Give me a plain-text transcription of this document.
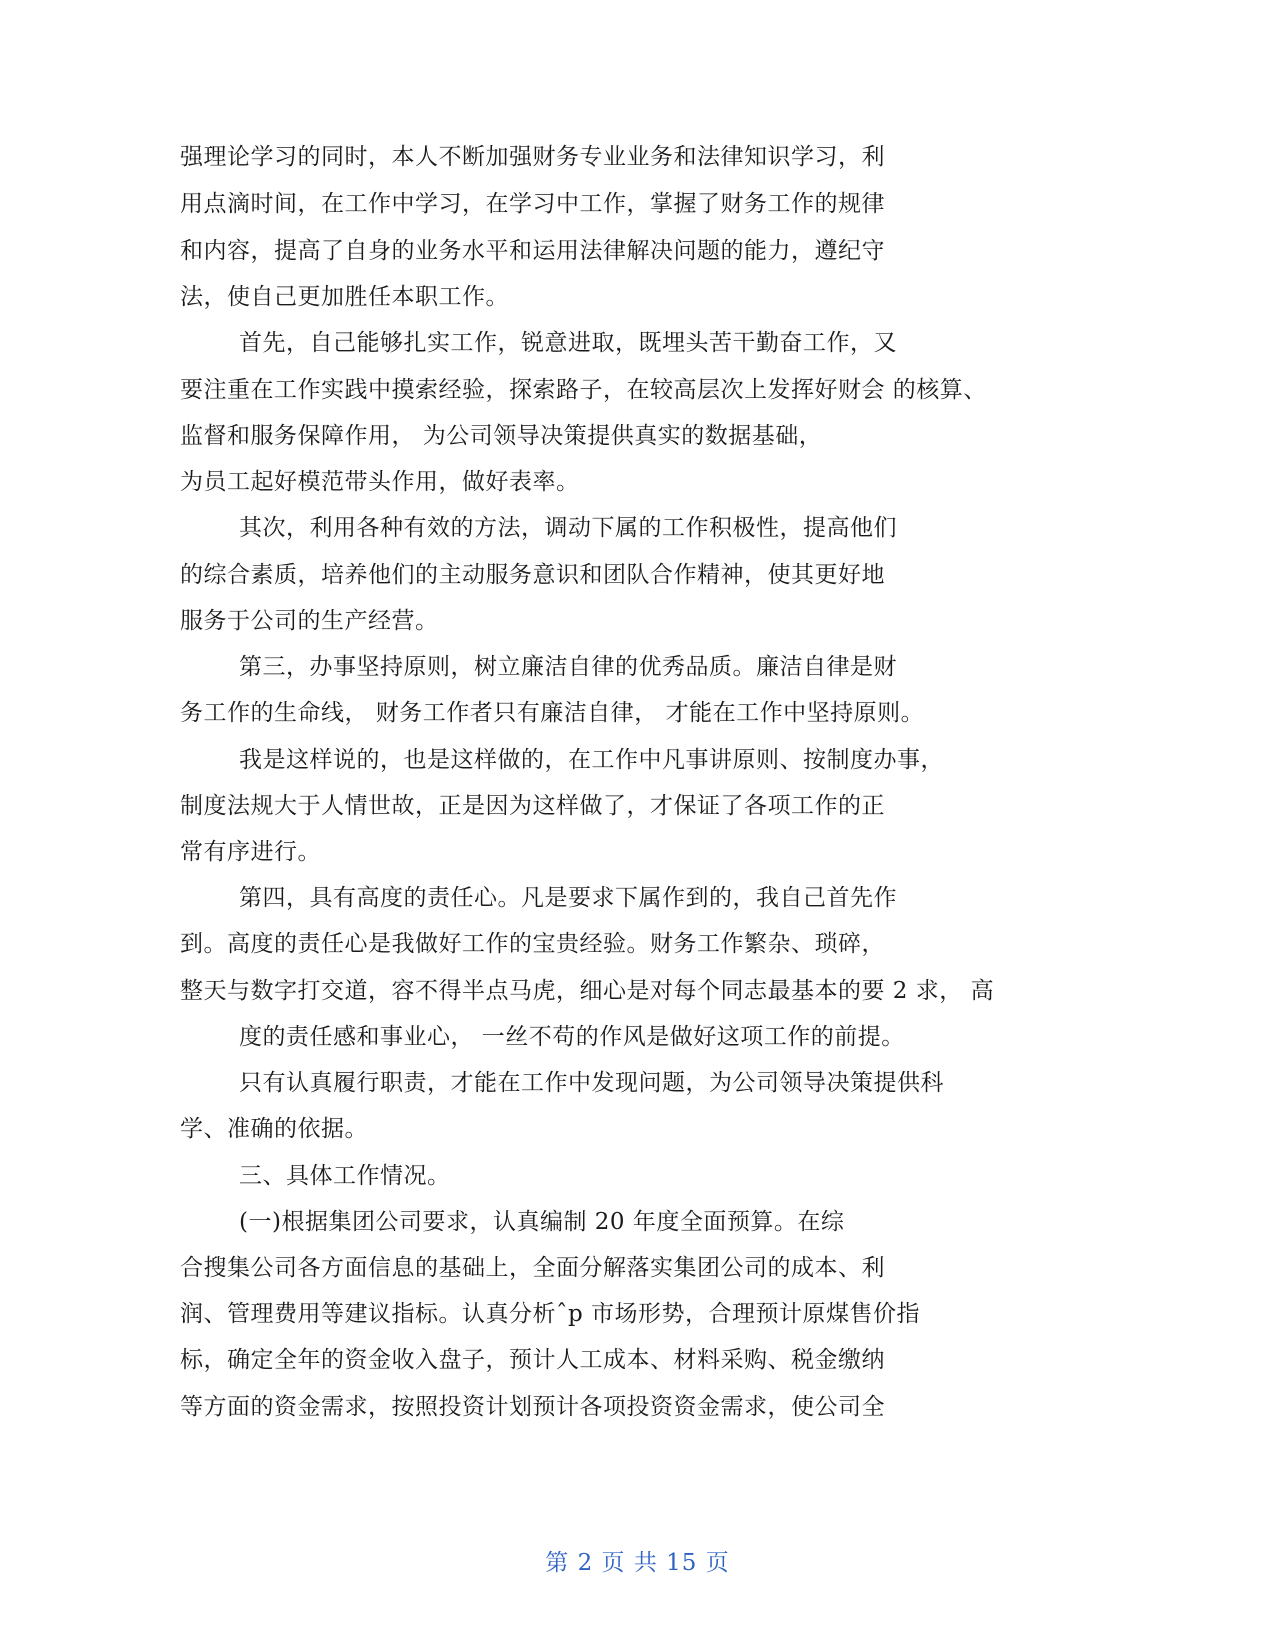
强理论学习的同时，本人不断加强财务专业业务和法律知识学习，利
用点滴时间，在工作中学习，在学习中工作，掌握了财务工作的规律
和内容，提高了自身的业务水平和运用法律解决问题的能力，遵纪守
法，使自己更加胜任本职工作。
首先，自己能够扎实工作，锐意进取，既埋头苦干勤奋工作，又
要注重在工作实践中摸索经验，探索路子，在较高层次上发挥好财会 的核算、
监督和服务保障作用， 为公司领导决策提供真实的数据基础，
为员工起好模范带头作用，做好表率。
其次，利用各种有效的方法，调动下属的工作积极性，提高他们
的综合素质，培养他们的主动服务意识和团队合作精神，使其更好地
服务于公司的生产经营。
第三，办事坚持原则，树立廉洁自律的优秀品质。廉洁自律是财
务工作的生命线， 财务工作者只有廉洁自律， 才能在工作中坚持原则。
我是这样说的，也是这样做的，在工作中凡事讲原则、按制度办事，
制度法规大于人情世故，正是因为这样做了，才保证了各项工作的正
常有序进行。
第四，具有高度的责任心。凡是要求下属作到的，我自己首先作
到。高度的责任心是我做好工作的宝贵经验。财务工作繁杂、琐碎，
整天与数字打交道，容不得半点马虎，细心是对每个同志最基本的要 2 求， 高
度的责任感和事业心， 一丝不苟的作风是做好这项工作的前提。
只有认真履行职责，才能在工作中发现问题，为公司领导决策提供科
学、准确的依据。
三、具体工作情况。
(一)根据集团公司要求，认真编制 20 年度全面预算。在综
合搜集公司各方面信息的基础上，全面分解落实集团公司的成本、利
润、管理费用等建议指标。认真分析ˆp 市场形势，合理预计原煤售价指
标，确定全年的资金收入盘子，预计人工成本、材料采购、税金缴纳
等方面的资金需求，按照投资计划预计各项投资资金需求，使公司全
第 2 页 共 15 页
